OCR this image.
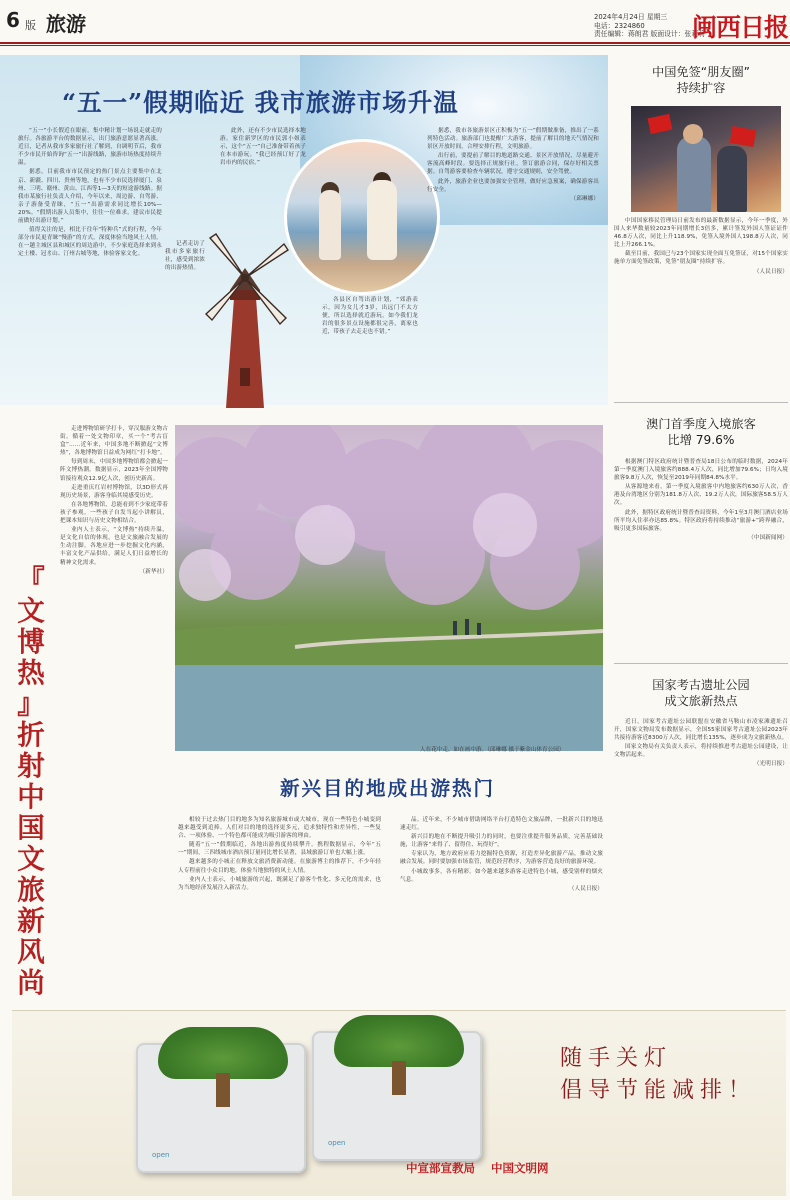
6 版 旅游	2024年4月24日 星期三
电话：2324860
责任编辑：蒋朗君 版面设计：张莉莉
闽西日报
“五一”假期临近 我市旅游市场升温

“五一”小长假近在眼前，集中精计划一场说走就走的旅行。各旅游平台的数据显示，出门旅游意愿显著高涨。近日，记者从我市多家旅行社了解到，自调明节后，我市不少市民开始咨询“五一”出游线路，旅游市场热度持续升温。

据悉，目前我市市民预定的热门景点主要集中在北京、新疆、四川、贵州等地，也有不少市民选择厦门、泉州、三明、赣州、黄山、江西等1—3天的短途游线路。据我市某旅行社负责人介绍，今年以来，周边游、自驾游、亲子游备受青睐，“五一”出游需求同比增长10%—20%。“假期出游人员集中，往往一位难求，建议市民提前做好出游计划。”

值得关注的是，相比于往年“特种兵”式的行程，今年部分市民更青睐“慢游”的方式，深度体验当地风土人情。在一趟主城区县和城区的周边游中，不少家庭选择来到永定土楼、冠豸山、汀州古城等地，体验客家文化。

此外，还有不少市民选择本地游。家住新罗区的市民郭小姐表示，这个“五一”自己准备带着孩子在本市游玩。“我已经预订好了龙岩市内的民宿。”

记者走访了我市多家旅行社，感受到浓浓的出游热情。

各县区自驾出游计划，“郊游表示，因为女儿才3岁，出远门不太方便，所以选择就近游玩。如今我们龙岩的很多景点设施都很完善，离家也近，带孩子去走走也不错。”

据悉，我市各旅游景区正积极为“五一”假期做准备，推出了一系列特色活动。旅游部门也提醒广大游客，提前了解目的地天气情况和景区开放时间，合理安排行程，文明旅游。

出行前，要提前了解目的地道路交通、景区开放情况，尽量避开客流高峰时段。要选择正规旅行社，签订旅游合同，保存好相关票据。自驾游客要检查车辆状况，遵守交通规则，安全驾驶。

此外，旅游企业也要加强安全管理，做好应急预案，确保游客出行安全。

（邱琳娜）
中国免签“朋友圈”
持续扩容

中国国家移民管理局日前发布的最新数据显示，今年一季度，外国人来华数量较2023年同期增长3倍多，累计签发外国人签证证件46.8万人次，同比上升118.9%，免签入境外国人198.8万人次，同比上升266.1%。

截至目前，我国已与23个国家实现全面互免签证，对15个国家实施单方面免签政策，免签“朋友圈”持续扩容。

（人民日报）
澳门首季度入境旅客
比增 79.6%

根据澳门特区政府统计暨普查局18日公布的临时数据，2024年第一季度澳门入境旅客约888.4万人次，同比增加79.6%；日均入境旅客9.8万人次，恢复至2019年同期84.8%水平。

从客源地来看，第一季度入境旅客中内地旅客约630万人次，香港及台湾地区分别为181.8万人次、19.2万人次，国际旅客58.5万人次。

此外，据特区政府统计暨普查局资料，今年1至3月澳门酒店业场所平均入住率亦达85.8%。特区政府将持续推动“旅游+”跨界融合，吸引更多国际旅客。

（中国新闻网）
国家考古遗址公园
成文旅新热点

近日，国家考古遗址公园联盟在安徽省马鞍山市凌家滩遗址召开，国家文物局发布数据显示，全国55家国家考古遗址公园2023年共接待游客近8300万人次，同比增长135%，逐步成为文旅新热点。

国家文物局有关负责人表示，将持续推进考古遗址公园建设，让文物活起来。

（光明日报）
『
文
博
热
』
折
射
中
国
文
旅
新
风
尚

走进博物馆研学打卡，穿汉服游文物古街，循着一处文物印章，买一个“考古盲盒”……近年来，中国多地不断掀起“文博热”，各地博物馆日益成为网红“打卡地”。

每到周末，中国多地博物馆都会掀起一阵文博热潮。数据显示，2023年全国博物馆接待观众12.9亿人次，创历史新高。

走进重庆红岩村博物馆，以3D形式再现历史场景，游客身临其境感受历史。

在各地博物馆，总能看到不少家庭带着孩子参观。一些孩子自发当起小讲解员，把课本知识与历史文物相结合。

业内人士表示，“文博热”持续升温，是文化自信的体现，也是文旅融合发展的生动注脚。各地应进一步挖掘文化内涵，丰富文化产品供给，满足人们日益增长的精神文化需求。

（新华社）
人在花中走，如在画中游。（邱琳娜 摄于紫金山体育公园）
新兴目的地成出游热门

相较于过去热门目的地多为知名旅游城市或大城市，现在一些特色小城变到越来越受到追捧。人们对目的地的选择更多元，追求独特性和差异性，一些复合、一项体验、一个特色都可能成为吸引游客的理由。

随着“五一”假期临近，各地出游热度持续攀升。携程数据显示，今年“五一”期间，三四线城市酒店预订量同比增长显著，县域旅游订单也大幅上涨。

越来越多的小城正在释放文旅消费新动能。在旅游博主的推荐下，不少年轻人专程前往小众目的地，体验当地独特的风土人情。

业内人士表示，小城旅游的兴起，既满足了游客个性化、多元化的需求，也为当地经济发展注入新活力。

品。近年来，不少城市借助网络平台打造特色文旅品牌，一批新兴目的地迅速走红。

新兴目的地在不断提升吸引力的同时，也要注重提升服务品质，完善基础设施，让游客“来得了、留得住、玩得好”。

专家认为，地方政府应着力挖掘特色资源，打造差异化旅游产品，推动文旅融合发展。同时要加强市场监管，规范经营秩序，为游客营造良好的旅游环境。

小城故事多，各有精彩。如今越来越多游客走进特色小城，感受别样的烟火气息。

（人民日报）
open
open
随手关灯
倡导节能减排！
中宣部宣教局 中国文明网
